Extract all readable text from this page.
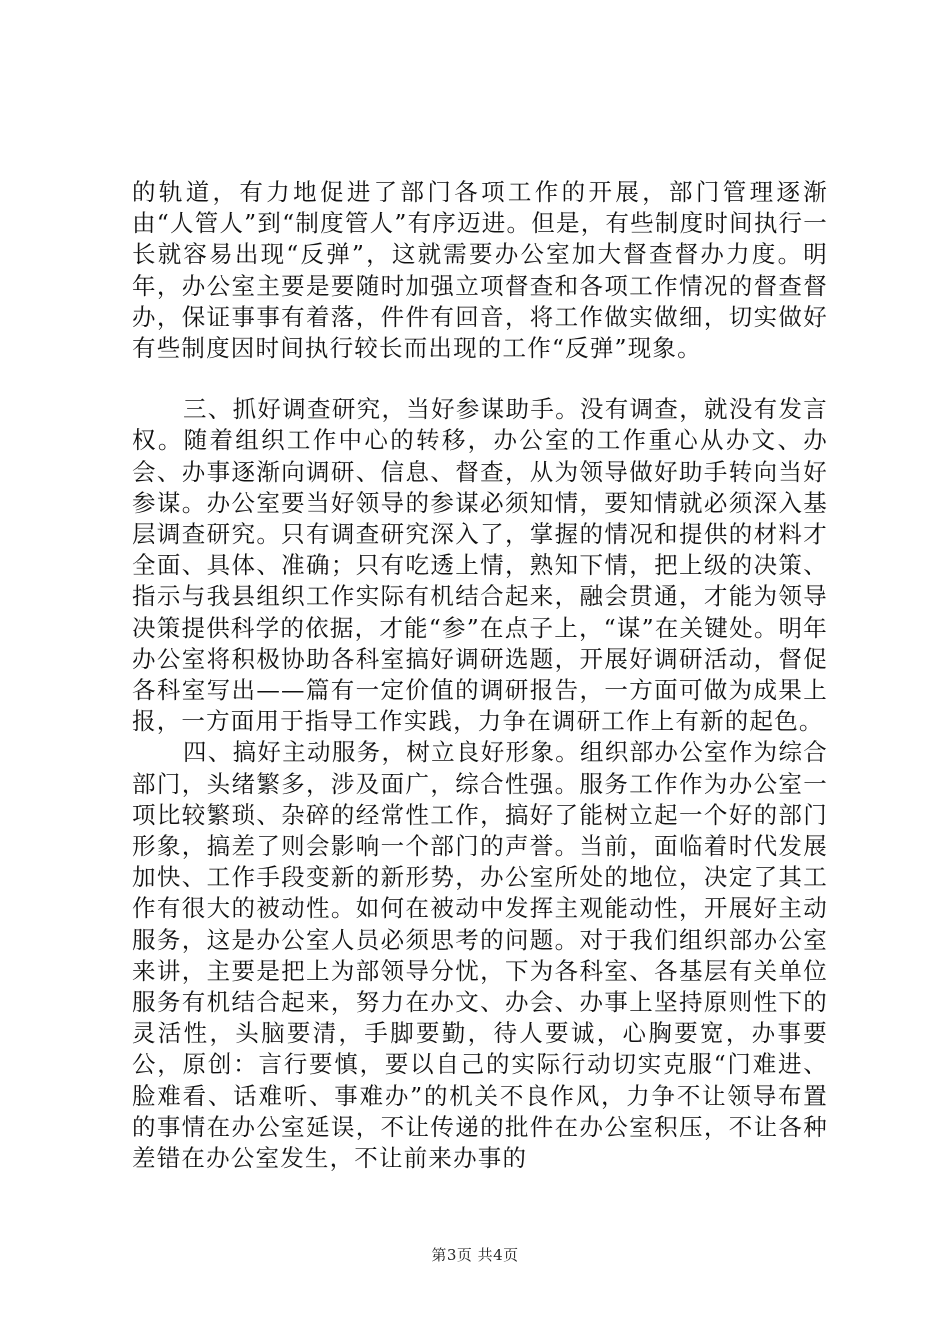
的轨道，有力地促进了部门各项工作的开展，部门管理逐渐由“人管人”到“制度管人”有序迈进。但是，有些制度时间执行一长就容易出现“反弹”，这就需要办公室加大督查督办力度。明年，办公室主要是要随时加强立项督查和各项工作情况的督查督办，保证事事有着落，件件有回音，将工作做实做细，切实做好有些制度因时间执行较长而出现的工作“反弹”现象。

三、抓好调查研究，当好参谋助手。没有调查，就没有发言权。随着组织工作中心的转移，办公室的工作重心从办文、办会、办事逐渐向调研、信息、督查，从为领导做好助手转向当好参谋。办公室要当好领导的参谋必须知情，要知情就必须深入基层调查研究。只有调查研究深入了，掌握的情况和提供的材料才全面、具体、准确；只有吃透上情，熟知下情，把上级的决策、指示与我县组织工作实际有机结合起来，融会贯通，才能为领导决策提供科学的依据，才能“参”在点子上，“谋”在关键处。明年办公室将积极协助各科室搞好调研选题，开展好调研活动，督促各科室写出——篇有一定价值的调研报告，一方面可做为成果上报，一方面用于指导工作实践，力争在调研工作上有新的起色。

四、搞好主动服务，树立良好形象。组织部办公室作为综合部门，头绪繁多，涉及面广，综合性强。服务工作作为办公室一项比较繁琐、杂碎的经常性工作，搞好了能树立起一个好的部门形象，搞差了则会影响一个部门的声誉。当前，面临着时代发展加快、工作手段变新的新形势，办公室所处的地位，决定了其工作有很大的被动性。如何在被动中发挥主观能动性，开展好主动服务，这是办公室人员必须思考的问题。对于我们组织部办公室来讲，主要是把上为部领导分忧，下为各科室、各基层有关单位服务有机结合起来，努力在办文、办会、办事上坚持原则性下的灵活性，头脑要清，手脚要勤，待人要诚，心胸要宽，办事要公，原创：言行要慎，要以自己的实际行动切实克服“门难进、脸难看、话难听、事难办”的机关不良作风，力争不让领导布置的事情在办公室延误，不让传递的批件在办公室积压，不让各种差错在办公室发生，不让前来办事的

第3页 共4页
